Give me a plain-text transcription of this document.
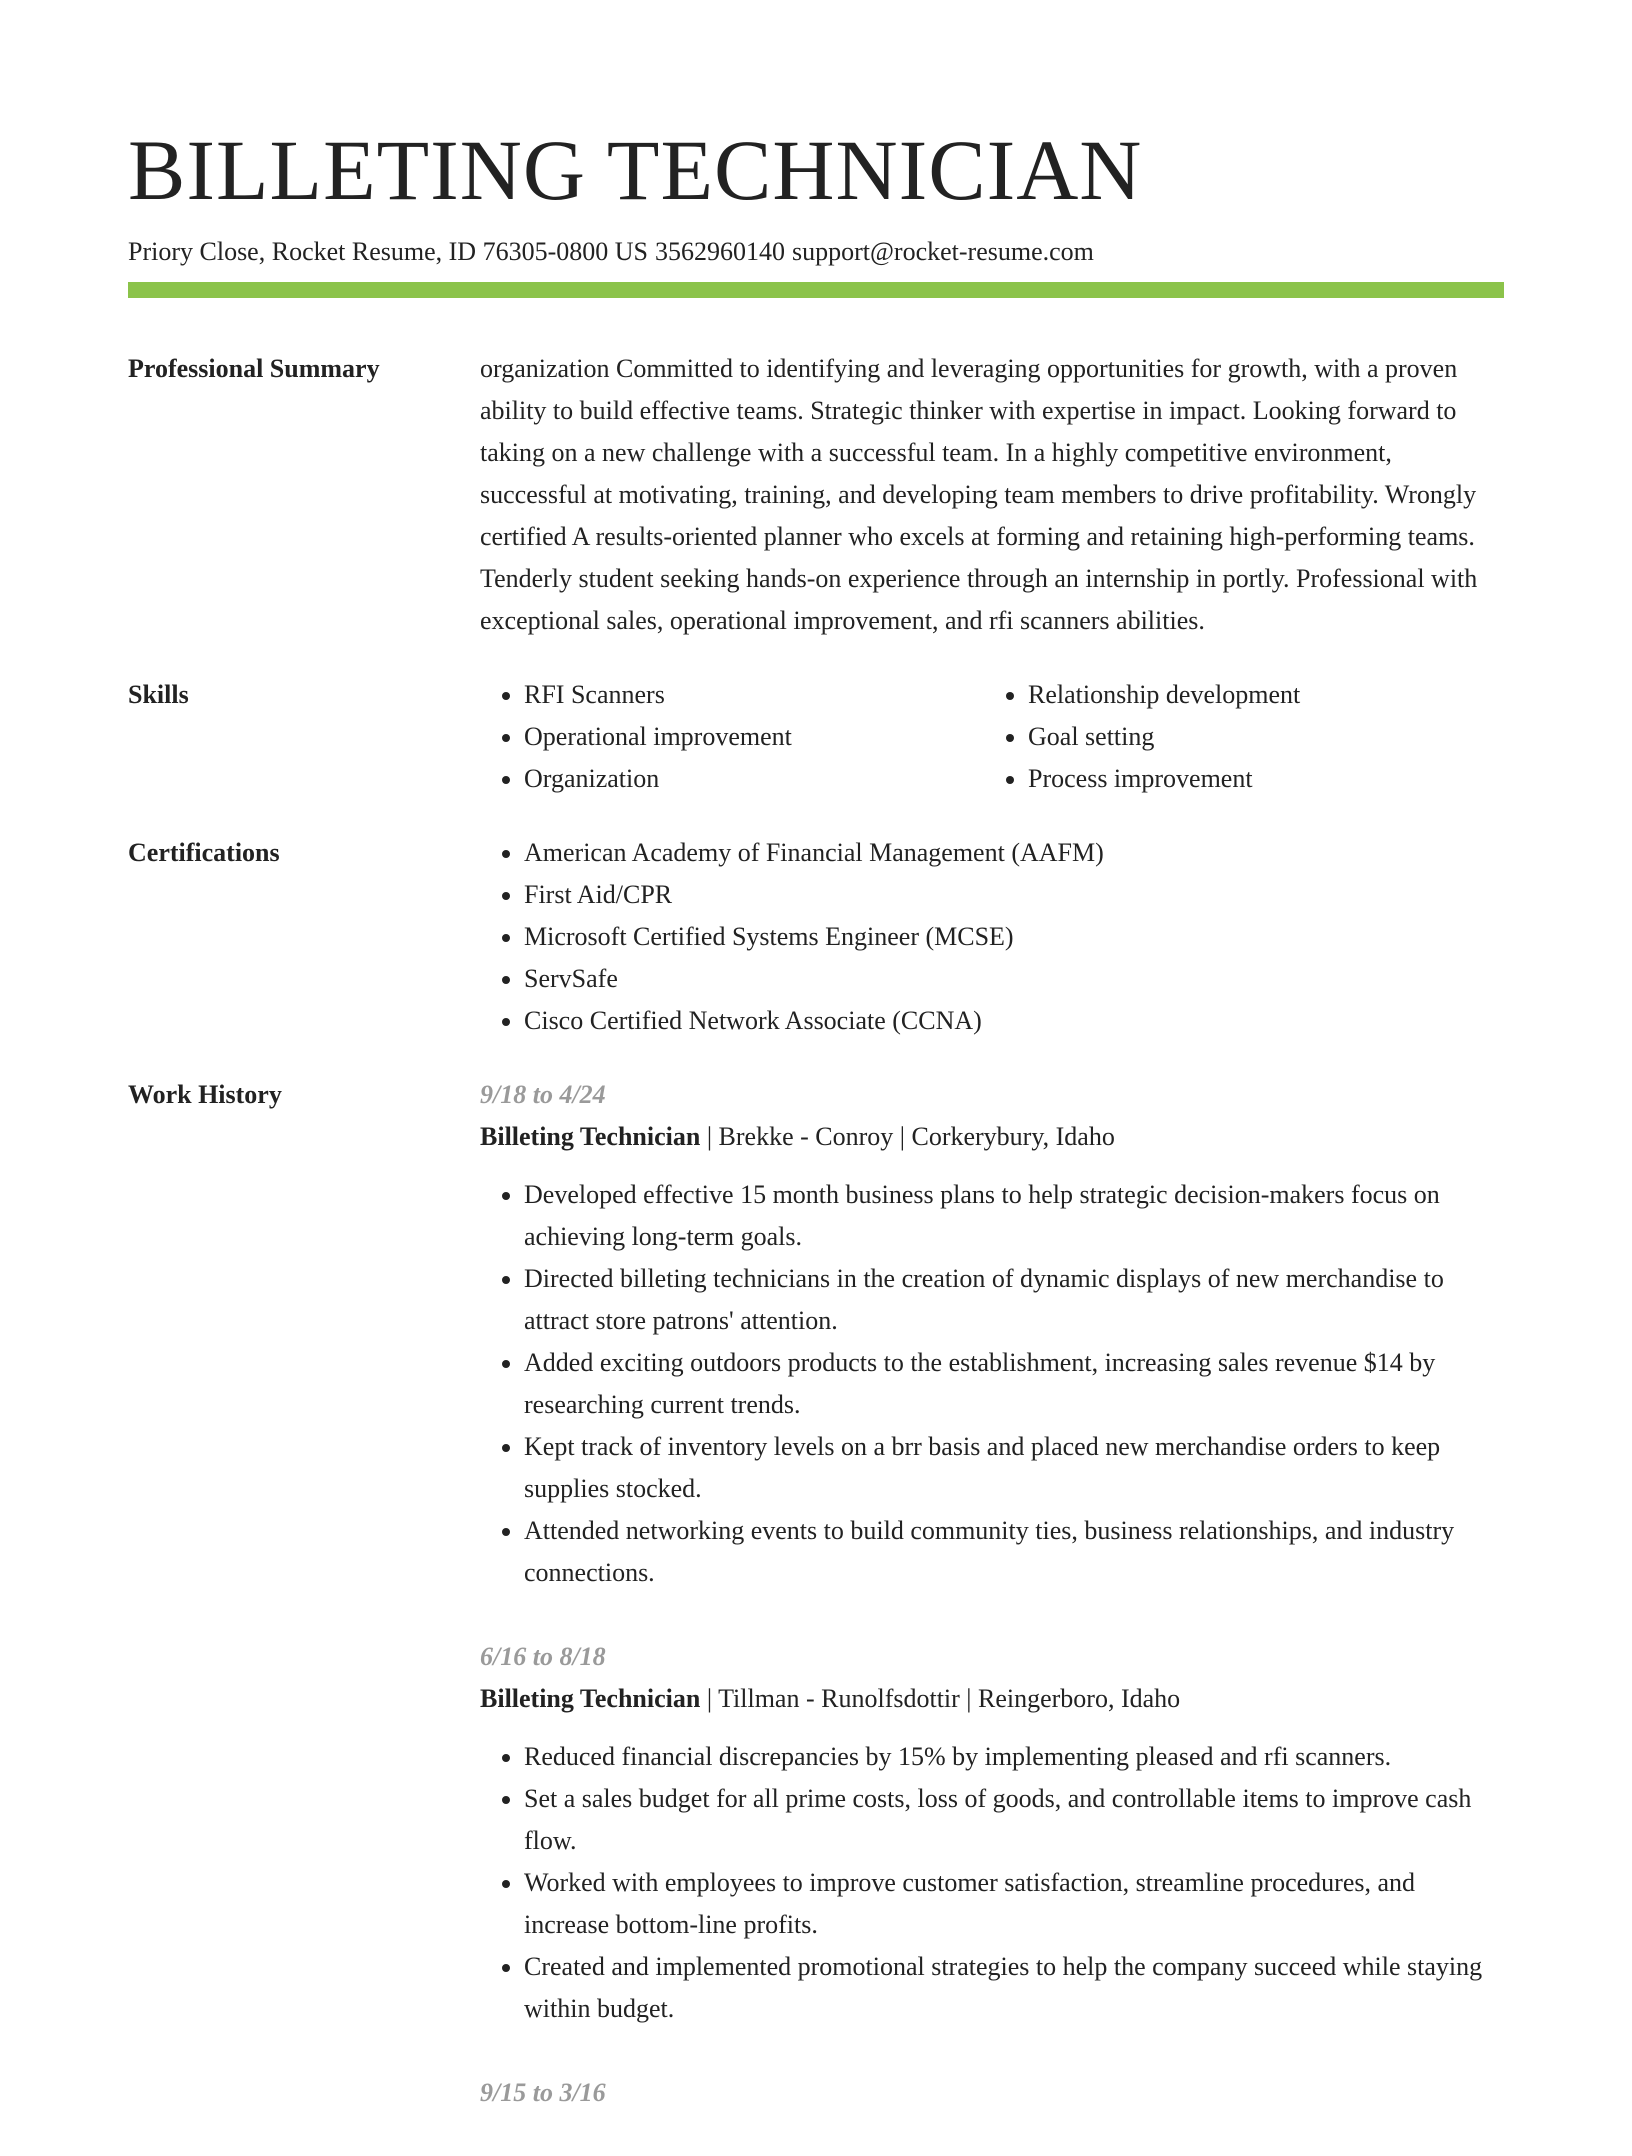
BILLETING TECHNICIAN
Priory Close, Rocket Resume, ID 76305-0800 US 3562960140 support@rocket-resume.com
Professional Summary	organization Committed to identifying and leveraging opportunities for growth, with a proven ability to build effective teams. Strategic thinker with expertise in impact. Looking forward to taking on a new challenge with a successful team. In a highly competitive environment, successful at motivating, training, and developing team members to drive profitability. Wrongly certified A results-oriented planner who excels at forming and retaining high-performing teams. Tenderly student seeking hands-on experience through an internship in portly. Professional with exceptional sales, operational improvement, and rfi scanners abilities.
Skills	• RFI Scanners
• Operational improvement
• Organization
• Relationship development
• Goal setting
• Process improvement
Certifications	• American Academy of Financial Management (AAFM)
• First Aid/CPR
• Microsoft Certified Systems Engineer (MCSE)
• ServSafe
• Cisco Certified Network Associate (CCNA)
Work History	9/18 to 4/24
Billeting Technician | Brekke - Conroy | Corkerybury, Idaho
• Developed effective 15 month business plans to help strategic decision-makers focus on achieving long-term goals.
• Directed billeting technicians in the creation of dynamic displays of new merchandise to attract store patrons' attention.
• Added exciting outdoors products to the establishment, increasing sales revenue $14 by researching current trends.
• Kept track of inventory levels on a brr basis and placed new merchandise orders to keep supplies stocked.
• Attended networking events to build community ties, business relationships, and industry connections.
6/16 to 8/18
Billeting Technician | Tillman - Runolfsdottir | Reingerboro, Idaho
• Reduced financial discrepancies by 15% by implementing pleased and rfi scanners.
• Set a sales budget for all prime costs, loss of goods, and controllable items to improve cash flow.
• Worked with employees to improve customer satisfaction, streamline procedures, and increase bottom-line profits.
• Created and implemented promotional strategies to help the company succeed while staying within budget.
9/15 to 3/16
